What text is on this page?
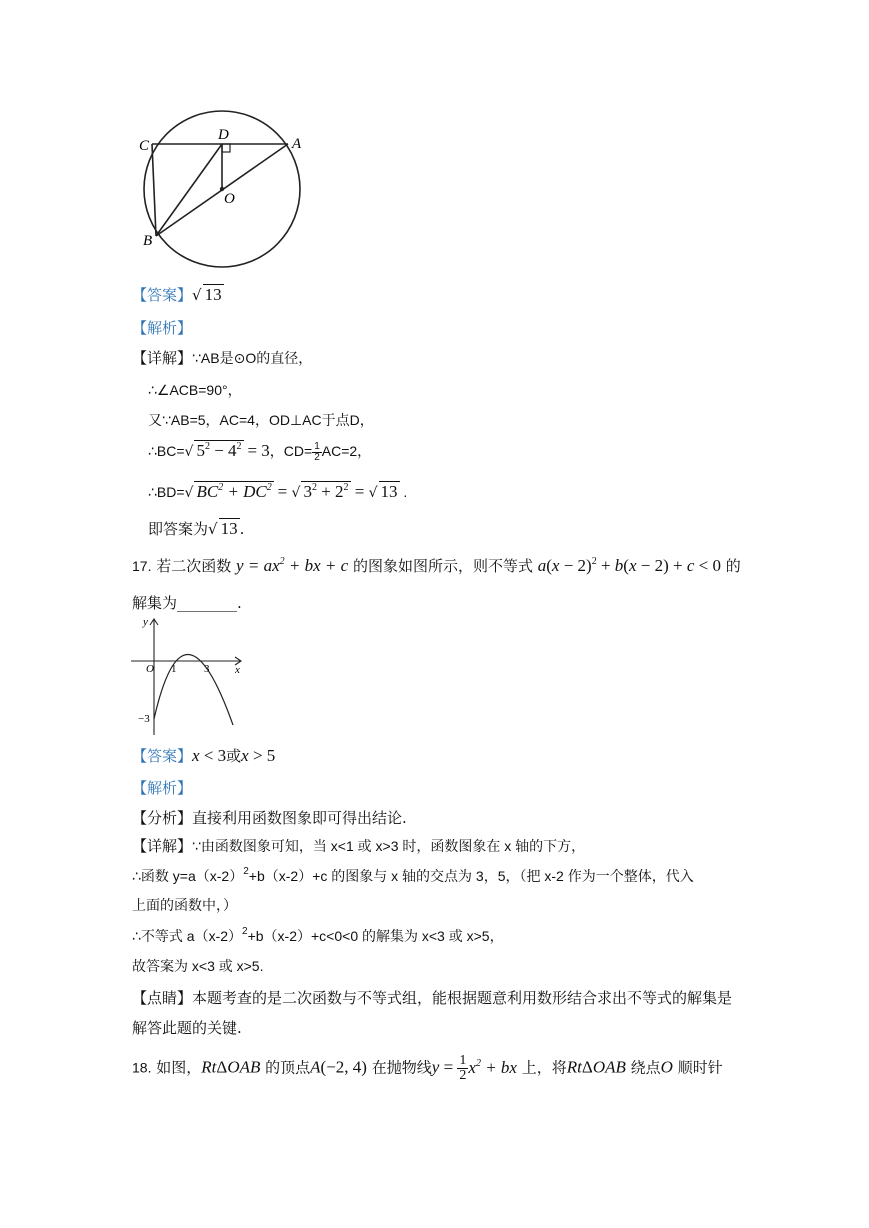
C
D
A
O
B
【答案】√ 13
【解析】
【详解】∵AB是⊙O的直径，
∴∠ACB=90°，
又∵AB=5，AC=4，OD⊥AC于点D，
∴BC=√ $5^2 - 4^2 = 3$，$CD= \frac{1}{2} AC=2$，
∴BD=√ $BC^2 + DC^2$ = √ $3^2 + 2^2$ = √ 13 .
即答案为√ 13 .
17. 若二次函数 $y = ax^2$ + bx + c 的图象如图所示，则不等式 $a(x - 2)^2 + b(x - 2) + c < 0$ 的
解集为________.
y
x
O 1	3
−3
【答案】x < 3或x > 5
【解析】
【分析】直接利用函数图象即可得出结论.
【详解】∵由函数图象可知，当 x<1 或 x>3 时，函数图象在 x 轴的下方，
∴函数 $y=a(x-2)^2+b(x-2)+c$ 的图象与 x 轴的交点为 3，5，（把 x-2 作为一个整体，代入
上面的函数中，）
∴不等式 $a(x-2)^2+b(x-2)+c<0<0$ 的解集为 x<3 或 x>5，
故答案为 x<3 或 x>5.
【点睛】本题考查的是二次函数与不等式组，能根据题意利用数形结合求出不等式的解集是
解答此题的关键.
18. 如图，RtΔOAB 的顶点A(−2, 4) 在抛物线$y = \frac{1}{2} x^2$ + bx 上，将RtΔOAB 绕点O 顺时针
